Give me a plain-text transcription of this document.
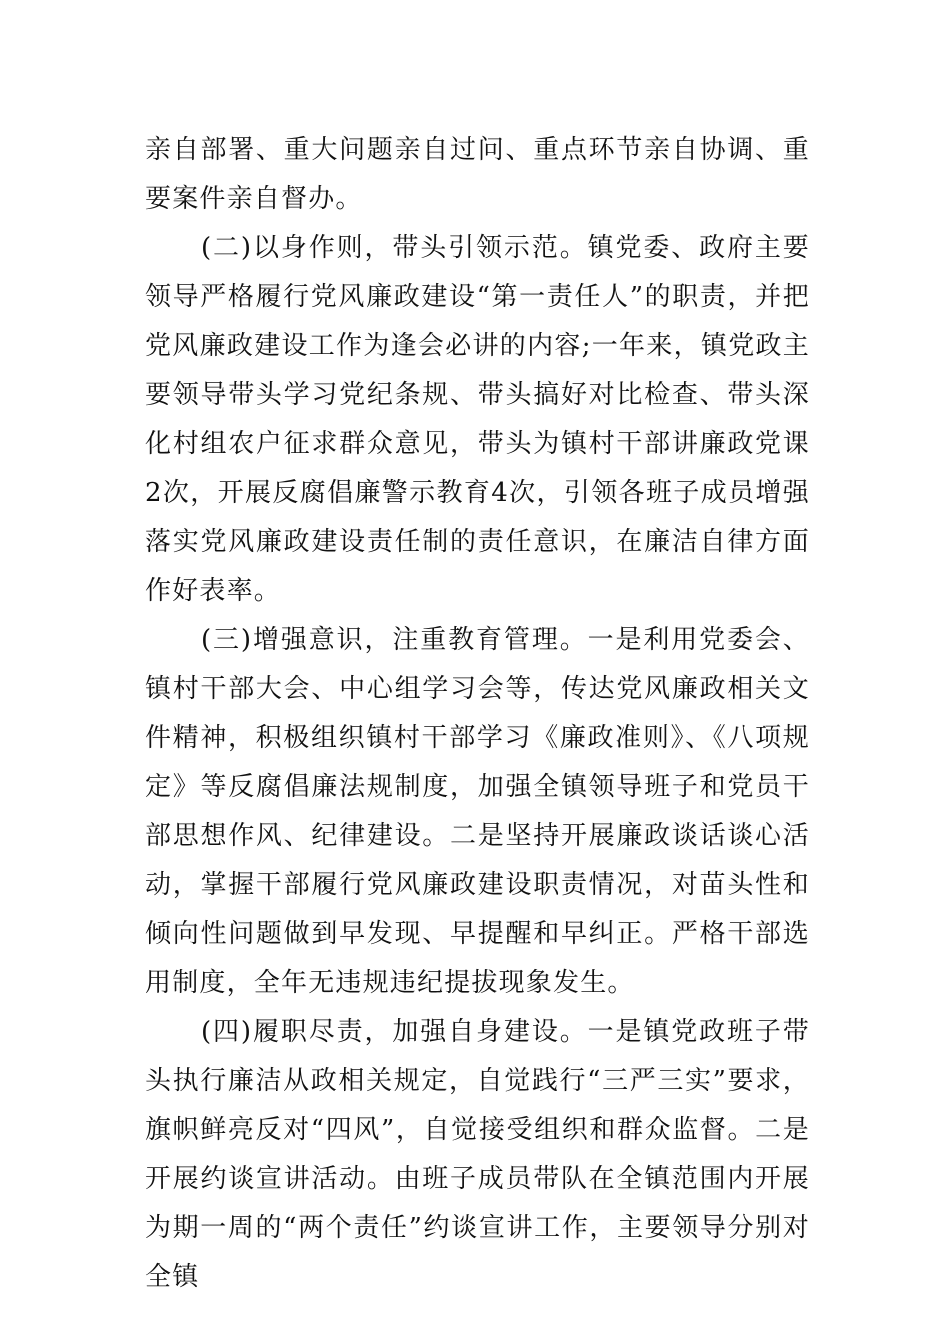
亲自部署、重大问题亲自过问、重点环节亲自协调、重要案件亲自督办。

(二)以身作则，带头引领示范。镇党委、政府主要领导严格履行党风廉政建设“第一责任人”的职责，并把党风廉政建设工作为逢会必讲的内容;一年来，镇党政主要领导带头学习党纪条规、带头搞好对比检查、带头深化村组农户征求群众意见，带头为镇村干部讲廉政党课2次，开展反腐倡廉警示教育4次，引领各班子成员增强落实党风廉政建设责任制的责任意识，在廉洁自律方面作好表率。

(三)增强意识，注重教育管理。一是利用党委会、镇村干部大会、中心组学习会等，传达党风廉政相关文件精神，积极组织镇村干部学习《廉政准则》、《八项规定》等反腐倡廉法规制度，加强全镇领导班子和党员干部思想作风、纪律建设。二是坚持开展廉政谈话谈心活动，掌握干部履行党风廉政建设职责情况，对苗头性和倾向性问题做到早发现、早提醒和早纠正。严格干部选用制度，全年无违规违纪提拔现象发生。

(四)履职尽责，加强自身建设。一是镇党政班子带头执行廉洁从政相关规定，自觉践行“三严三实”要求，旗帜鲜亮反对“四风”，自觉接受组织和群众监督。二是开展约谈宣讲活动。由班子成员带队在全镇范围内开展为期一周的“两个责任”约谈宣讲工作，主要领导分别对全镇
